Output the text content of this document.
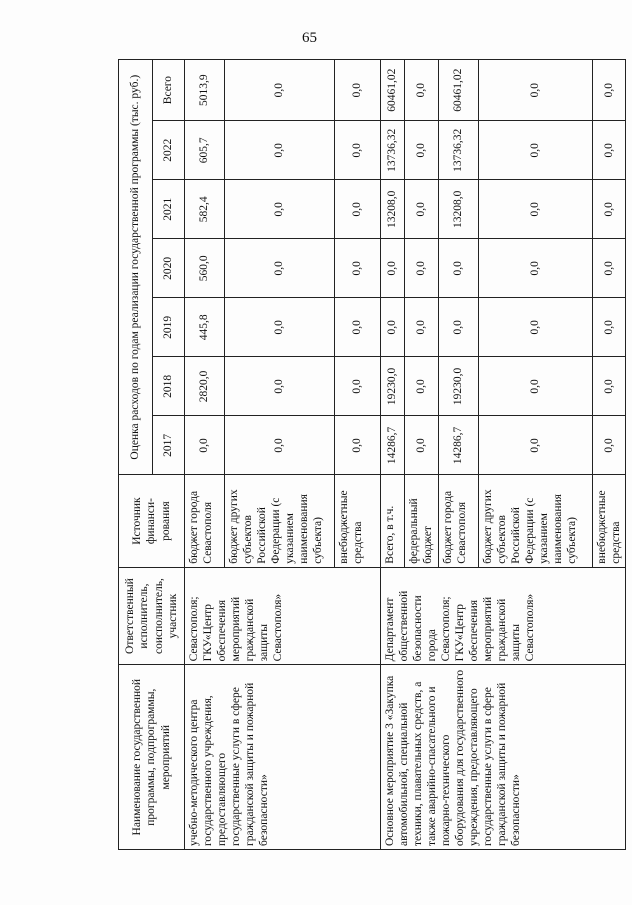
65
Наименование государственной программы, подпрограммы, мероприятий	Ответственный исполнитель, соисполнитель, участник	Источник финанси-рования	Оценка расходов по годам реализации государственной программы (тыс. руб.)						
			2017	2018	2019	2020	2021	2022	Всего
учебно-методического центра государственного учреждения, предоставляющего государственные услуги в сфере гражданской защиты и пожарной безопасности»	Севастополя; ГКУ«Центр обеспечения мероприятий гражданской защиты Севастополя»	бюджет города Севастополя	0,0	2820,0	445,8	560,0	582,4	605,7	5013,9
		бюджет других субъектов Российской Федерации (с указанием наименования субъекта)	0,0	0,0	0,0	0,0	0,0	0,0	0,0
		внебюджетные средства	0,0	0,0	0,0	0,0	0,0	0,0	0,0
Основное мероприятие 3 «Закупка автомобильной, специальной техники, плавательных средств, а также аварийно-спасательного и пожарно-технического оборудования для государственного учреждения, предоставляющего государственные услуги в сфере гражданской защиты и пожарной безопасности»	Департамент общественной безопасности города Севастополя; ГКУ«Центр обеспечения мероприятий гражданской защиты Севастополя»	Всего, в т.ч.	14286,7	19230,0	0,0	0,0	13208,0	13736,32	60461,02
		федеральный бюджет	0,0	0,0	0,0	0,0	0,0	0,0	0,0
		бюджет города Севастополя	14286,7	19230,0	0,0	0,0	13208,0	13736,32	60461,02
		бюджет других субъектов Российской Федерации (с указанием наименования субъекта)	0,0	0,0	0,0	0,0	0,0	0,0	0,0
		внебюджетные средства	0,0	0,0	0,0	0,0	0,0	0,0	0,0
